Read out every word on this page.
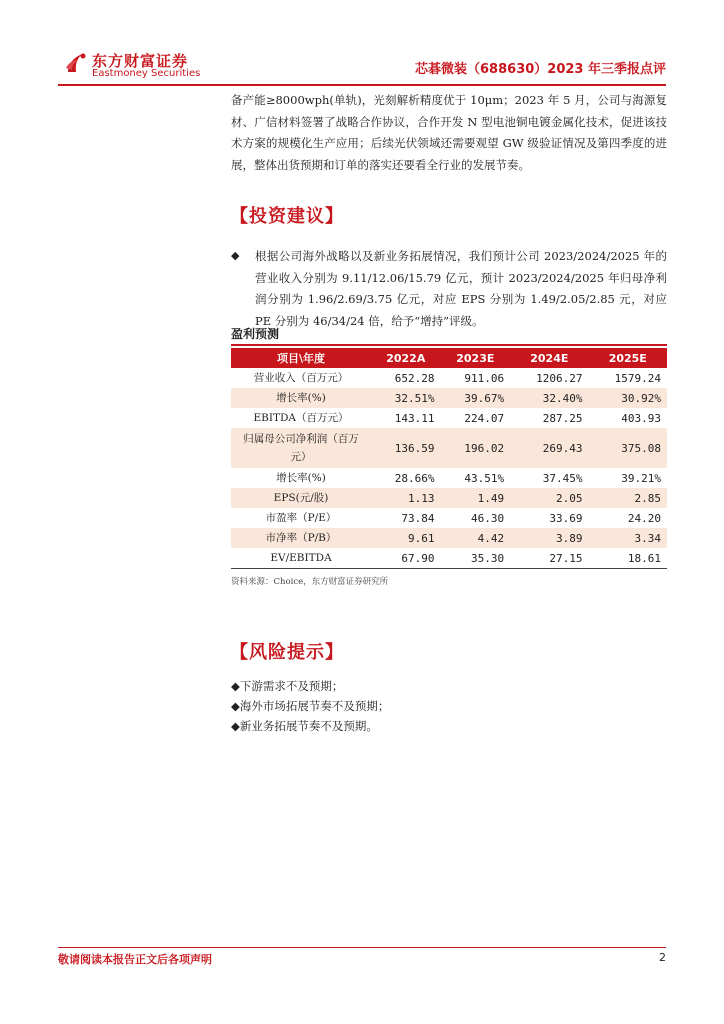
东方财富证券
Eastmoney Securities	芯碁微装（688630）2023 年三季报点评
备产能≥8000wph(单轨)，光刻解析精度优于 10μm；2023 年 5 月，公司与海源复材、广信材料签署了战略合作协议，合作开发 N 型电池铜电镀金属化技术，促进该技术方案的规模化生产应用；后续光伏领域还需要观望 GW 级验证情况及第四季度的进展，整体出货预期和订单的落实还要看全行业的发展节奏。
【投资建议】
◆ 根据公司海外战略以及新业务拓展情况，我们预计公司 2023/2024/2025 年的营业收入分别为 9.11/12.06/15.79 亿元，预计 2023/2024/2025 年归母净利润分别为 1.96/2.69/3.75 亿元，对应 EPS 分别为 1.49/2.05/2.85 元，对应 PE 分别为 46/34/24 倍，给予“增持”评级。
盈利预测
项目\年度	2022A	2023E	2024E	2025E
营业收入（百万元）	652.28	911.06	1206.27	1579.24
增长率(%)	32.51%	39.67%	32.40%	30.92%
EBITDA（百万元）	143.11	224.07	287.25	403.93
归属母公司净利润（百万元）	136.59	196.02	269.43	375.08
增长率(%)	28.66%	43.51%	37.45%	39.21%
EPS(元/股)	1.13	1.49	2.05	2.85
市盈率（P/E）	73.84	46.30	33.69	24.20
市净率（P/B）	9.61	4.42	3.89	3.34
EV/EBITDA	67.90	35.30	27.15	18.61
资料来源：Choice，东方财富证券研究所
【风险提示】
◆下游需求不及预期；
◆海外市场拓展节奏不及预期；
◆新业务拓展节奏不及预期。
敬请阅读本报告正文后各项声明	2
